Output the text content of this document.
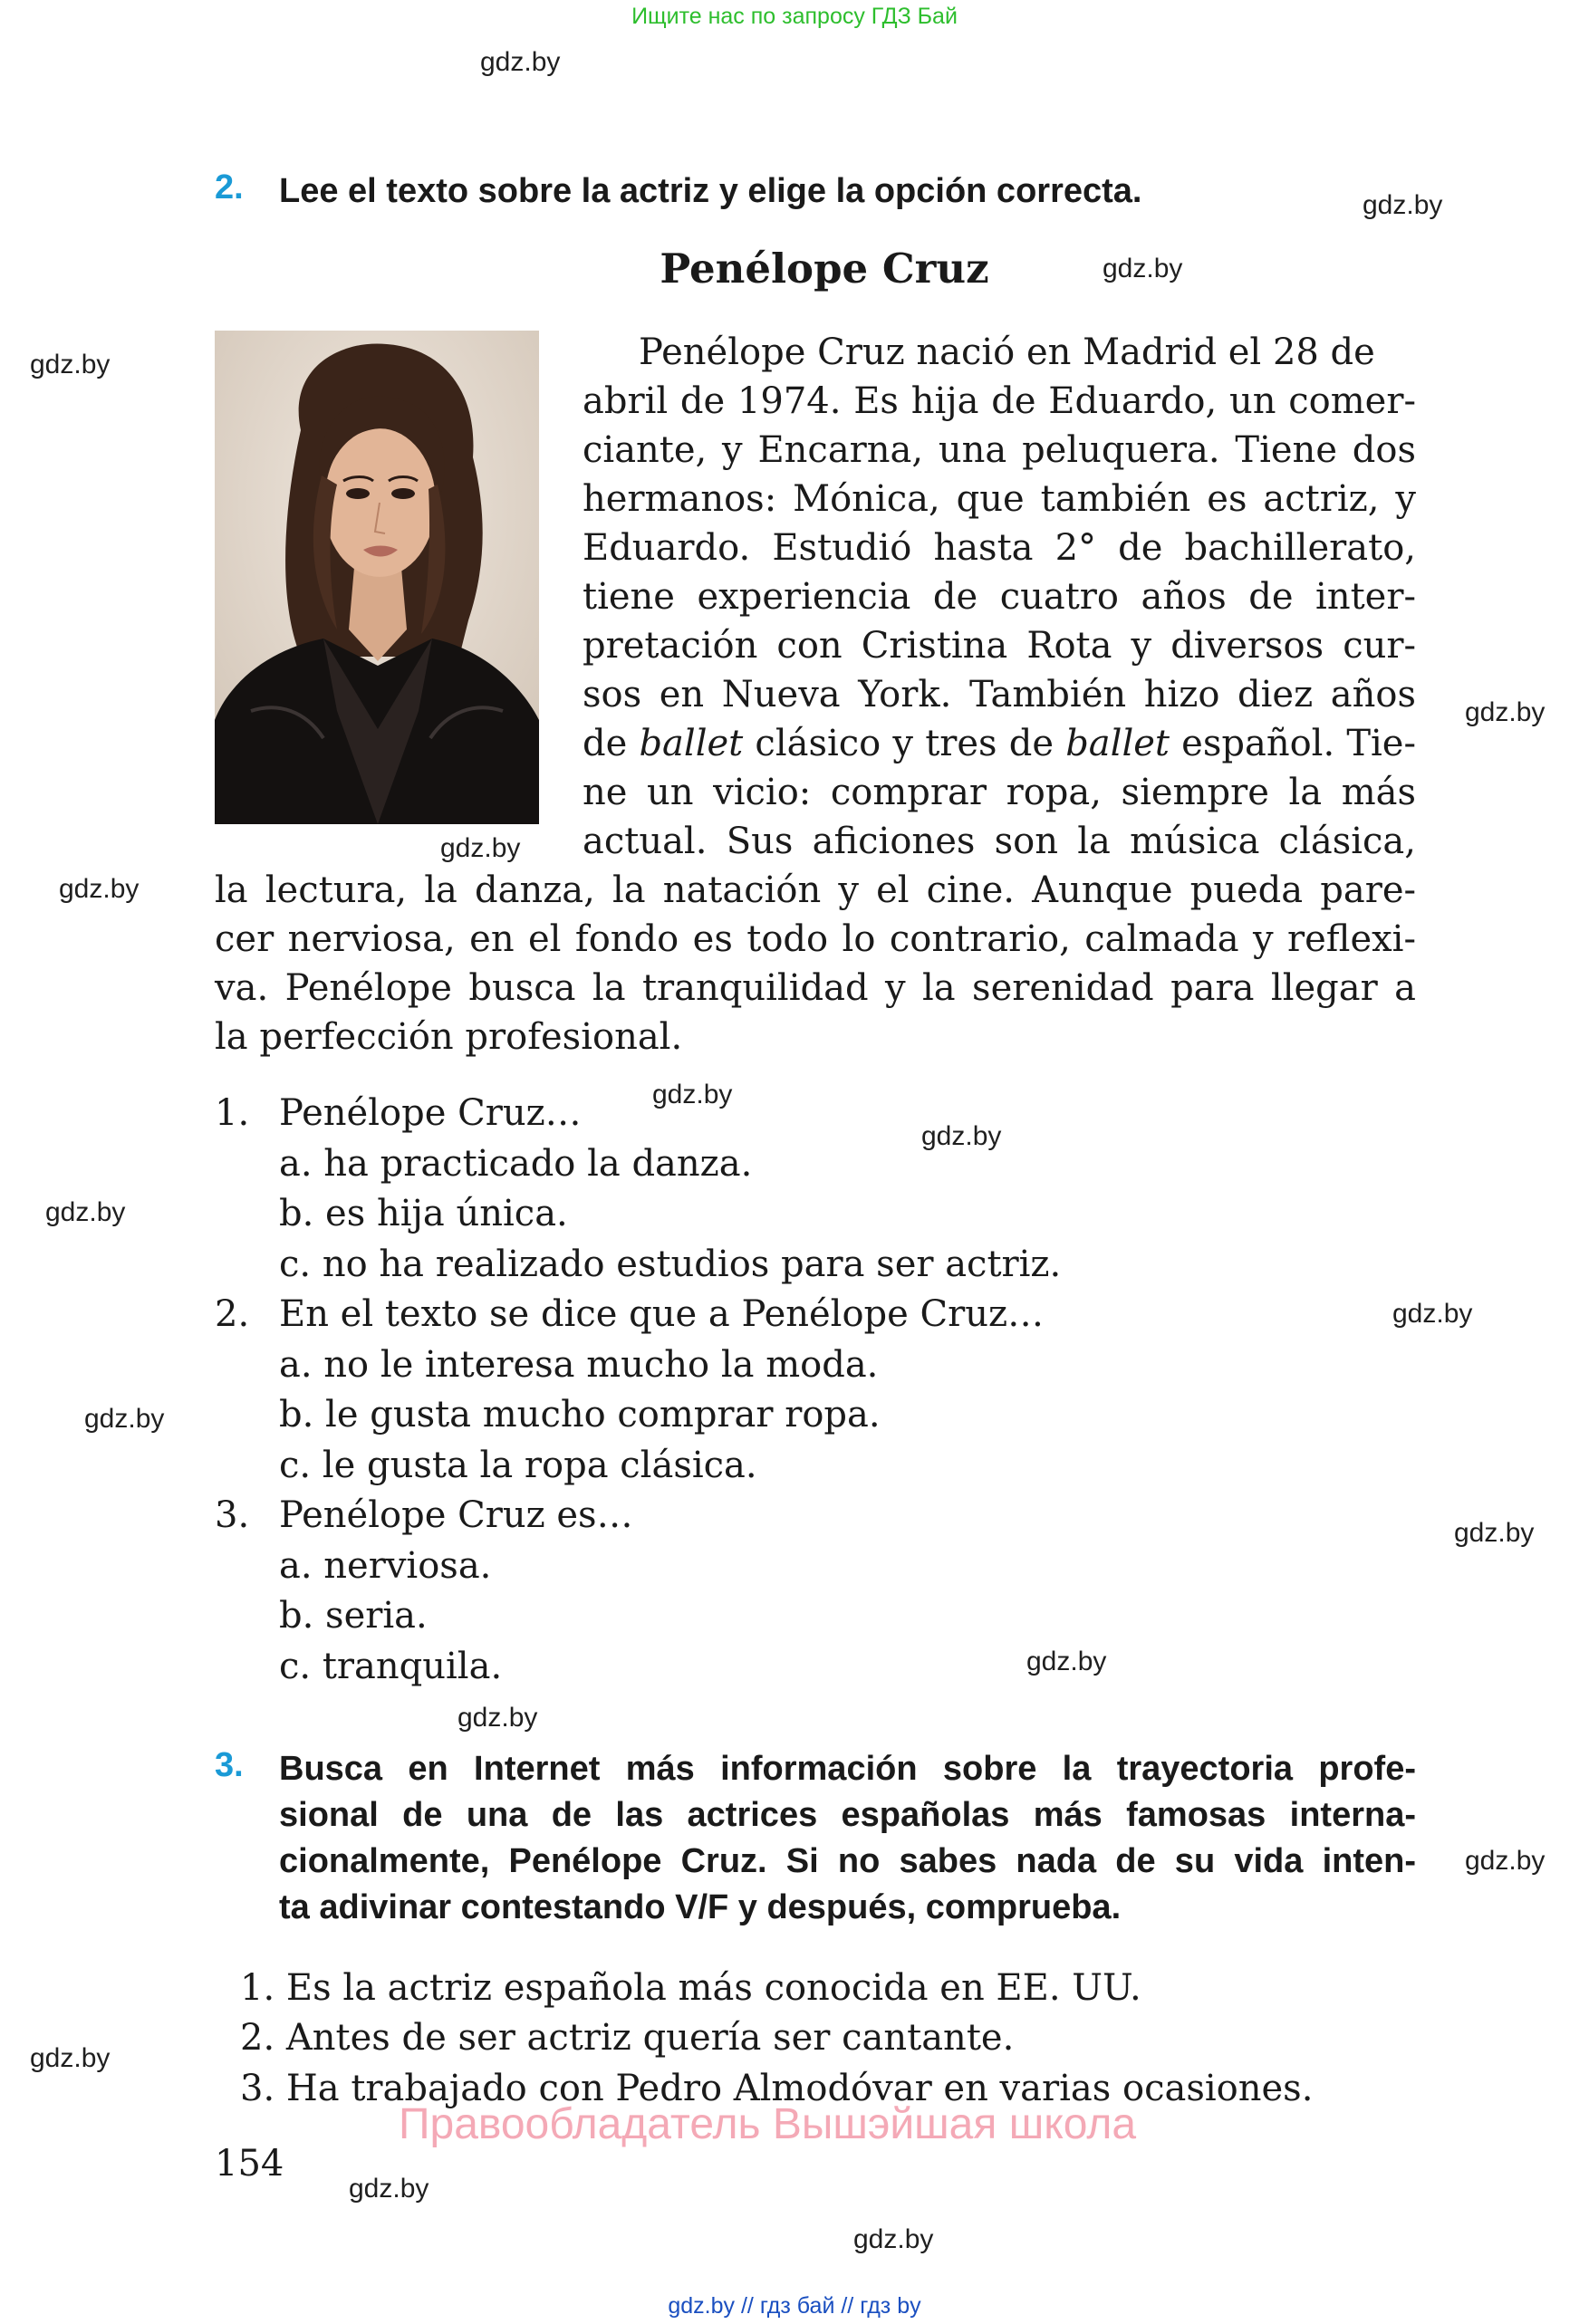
Ищите нас по запросу ГДЗ Бай
gdz.by
gdz.by
gdz.by
gdz.by
gdz.by
gdz.by
gdz.by
gdz.by
gdz.by
gdz.by
gdz.by
gdz.by
gdz.by
gdz.by
gdz.by
gdz.by
gdz.by
gdz.by
gdz.by
2. Lee el texto sobre la actriz y elige la opción correcta.
Penélope Cruz
Penélope Cruz nació en Madrid el 28 de
abril de 1974. Es hija de Eduardo, un comer-
ciante, y Encarna, una peluquera. Tiene dos
hermanos: Mónica, que también es actriz, y
Eduardo. Estudió hasta 2° de bachillerato,
tiene experiencia de cuatro años de inter-
pretación con Cristina Rota y diversos cur-
sos en Nueva York. También hizo diez años
de ballet clásico y tres de ballet español. Tie-
ne un vicio: comprar ropa, siempre la más
actual. Sus aficiones son la música clásica,
la lectura, la danza, la natación y el cine. Aunque pueda pare-
cer nerviosa, en el fondo es todo lo contrario, calmada y reflexi-
va. Penélope busca la tranquilidad y la serenidad para llegar a
la perfección profesional.
1. Penélope Cruz…
a. ha practicado la danza.
b. es hija única.
c. no ha realizado estudios para ser actriz.
2. En el texto se dice que a Penélope Cruz…
a. no le interesa mucho la moda.
b. le gusta mucho comprar ropa.
c. le gusta la ropa clásica.
3. Penélope Cruz es…
a. nerviosa.
b. seria.
c. tranquila.
3. Busca en Internet más información sobre la trayectoria profe-
sional de una de las actrices españolas más famosas interna-
cionalmente, Penélope Cruz. Si no sabes nada de su vida inten-
ta adivinar contestando V/F y después, comprueba.
1. Es la actriz española más conocida en EE. UU.
2. Antes de ser actriz quería ser cantante.
3. Ha trabajado con Pedro Almodóvar en varias ocasiones.
Правообладатель Вышэйшая школа
154
gdz.by // гдз бай // гдз by
